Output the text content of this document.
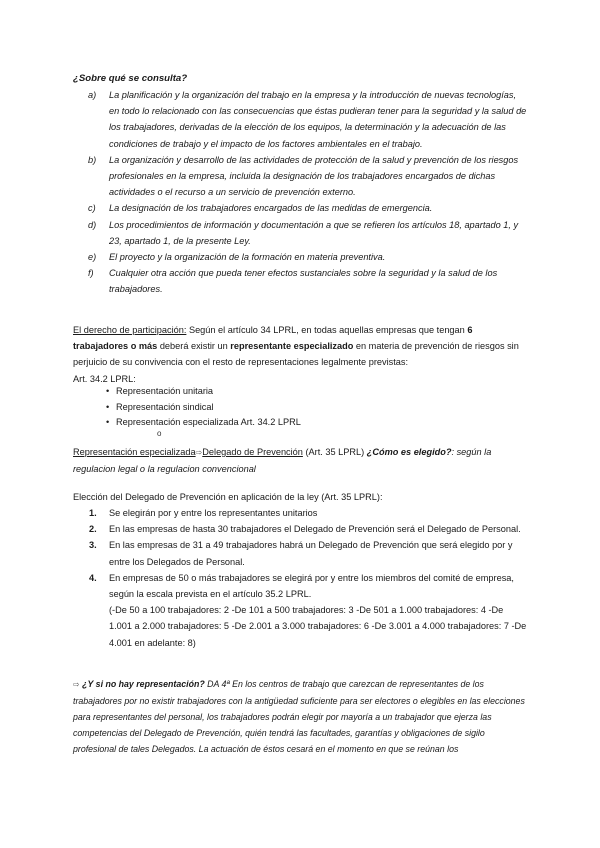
¿Sobre qué se consulta?
a) La planificación y la organización del trabajo en la empresa y la introducción de nuevas tecnologías, en todo lo relacionado con las consecuencias que éstas pudieran tener para la seguridad y la salud de los trabajadores, derivadas de la elección de los equipos, la determinación y la adecuación de las condiciones de trabajo y el impacto de los factores ambientales en el trabajo.
b) La organización y desarrollo de las actividades de protección de la salud y prevención de los riesgos profesionales en la empresa, incluida la designación de los trabajadores encargados de dichas actividades o el recurso a un servicio de prevención externo.
c) La designación de los trabajadores encargados de las medidas de emergencia.
d) Los procedimientos de información y documentación a que se refieren los artículos 18, apartado 1, y 23, apartado 1, de la presente Ley.
e) El proyecto y la organización de la formación en materia preventiva.
f) Cualquier otra acción que pueda tener efectos sustanciales sobre la seguridad y la salud de los trabajadores.
El derecho de participación: Según el artículo 34 LPRL, en todas aquellas empresas que tengan 6 trabajadores o más deberá existir un representante especializado en materia de prevención de riesgos sin perjuicio de su convivencia con el resto de representaciones legalmente previstas:
Art. 34.2 LPRL:
• Representación unitaria
• Representación sindical
• Representación especializada Art. 34.2 LPRL
o
Representación especializada⇨Delegado de Prevención (Art. 35 LPRL) ¿Cómo es elegido?: según la regulacion legal o la regulacion convencional
Elección del Delegado de Prevención en aplicación de la ley (Art. 35 LPRL):
1. Se elegirán por y entre los representantes unitarios
2. En las empresas de hasta 30 trabajadores el Delegado de Prevención será el Delegado de Personal.
3. En las empresas de 31 a 49 trabajadores habrá un Delegado de Prevención que será elegido por y entre los Delegados de Personal.
4. En empresas de 50 o más trabajadores se elegirá por y entre los miembros del comité de empresa, según la escala prevista en el artículo 35.2 LPRL.
(-De 50 a 100 trabajadores: 2 -De 101 a 500 trabajadores: 3 -De 501 a 1.000 trabajadores: 4 -De 1.001 a 2.000 trabajadores: 5 -De 2.001 a 3.000 trabajadores: 6 -De 3.001 a 4.000 trabajadores: 7 -De 4.001 en adelante: 8)
⇨ ¿Y si no hay representación? DA 4ª En los centros de trabajo que carezcan de representantes de los trabajadores por no existir trabajadores con la antigüedad suficiente para ser electores o elegibles en las elecciones para representantes del personal, los trabajadores podrán elegir por mayoría a un trabajador que ejerza las competencias del Delegado de Prevención, quién tendrá las facultades, garantías y obligaciones de sigilo profesional de tales Delegados. La actuación de éstos cesará en el momento en que se reúnan los
